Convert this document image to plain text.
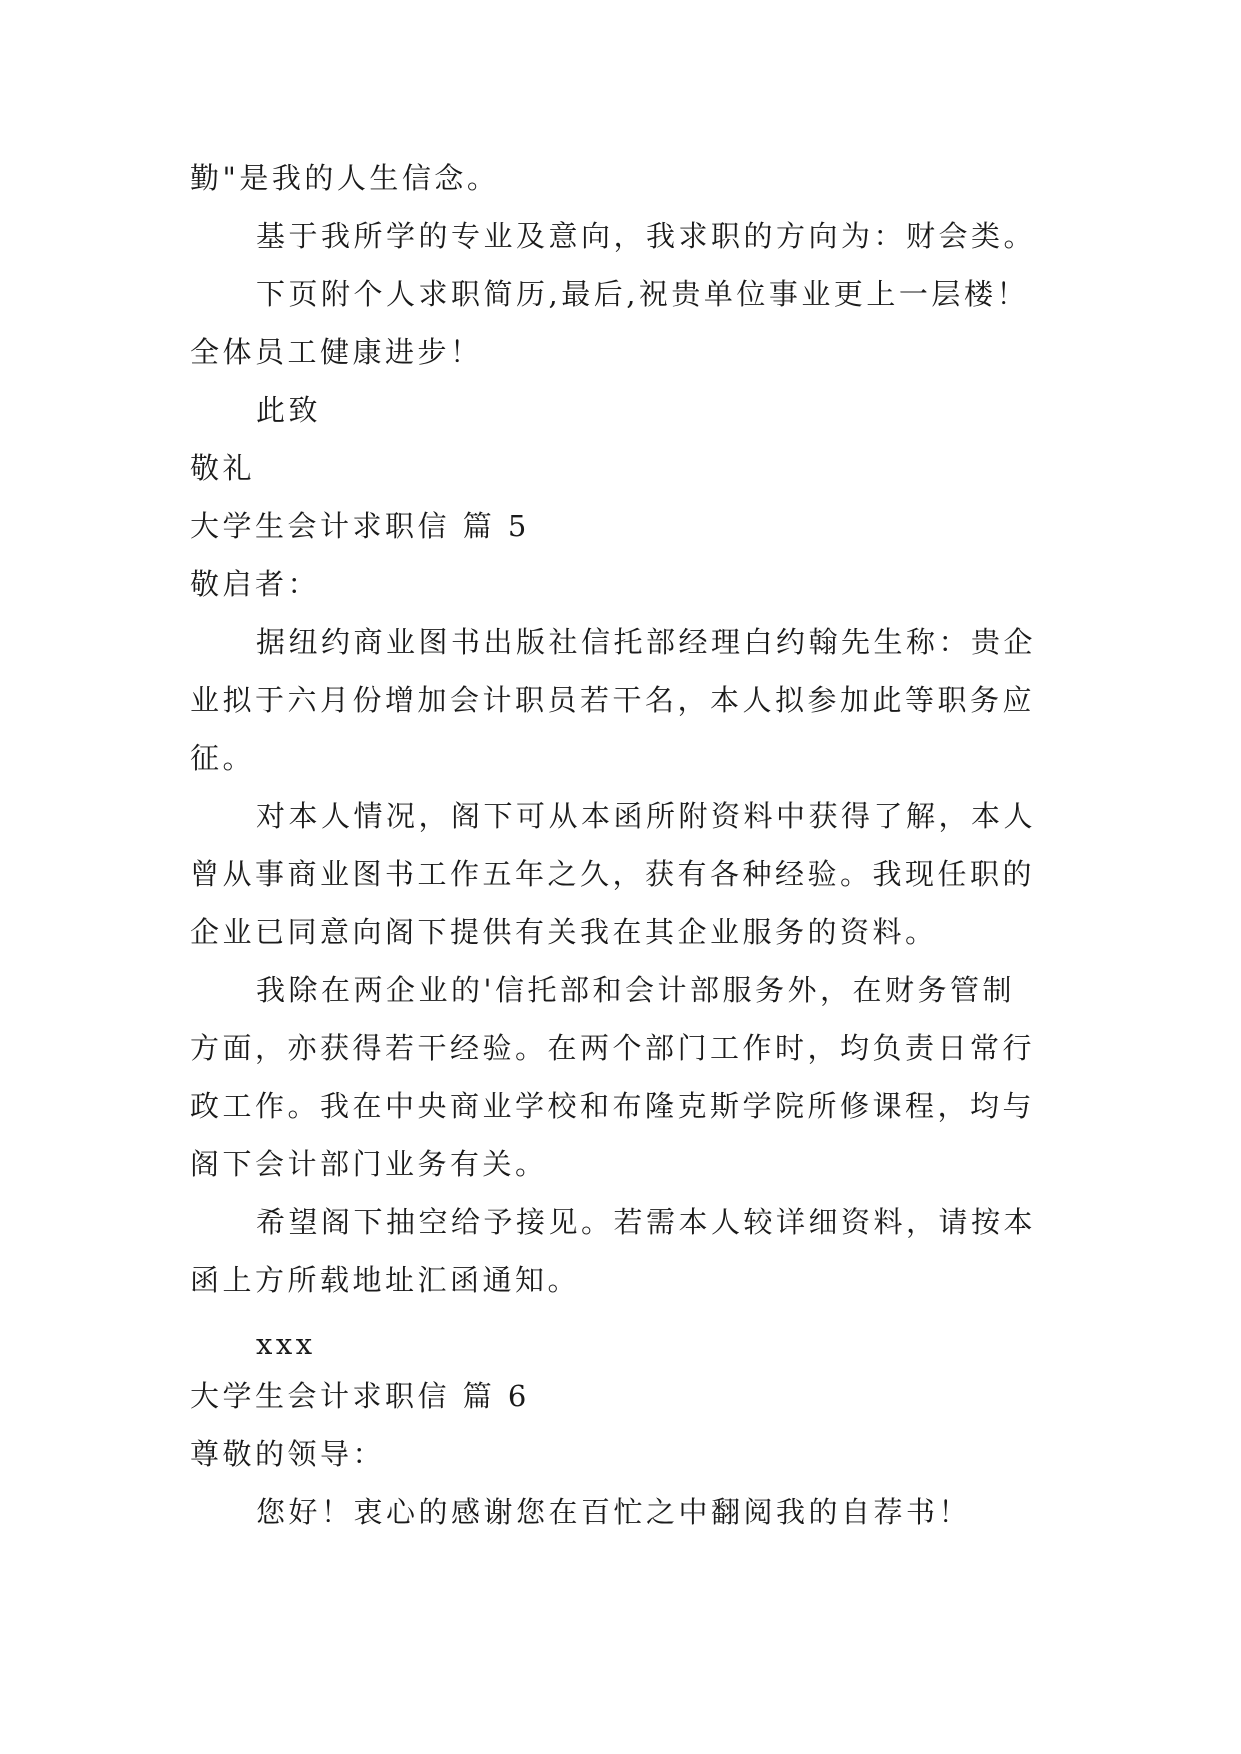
勤"是我的人生信念。
基于我所学的专业及意向，我求职的方向为：财会类。
下页附个人求职简历,最后,祝贵单位事业更上一层楼！
全体员工健康进步！
此致
敬礼
大学生会计求职信 篇 5
敬启者：
据纽约商业图书出版社信托部经理白约翰先生称：贵企
业拟于六月份增加会计职员若干名，本人拟参加此等职务应
征。
对本人情况，阁下可从本函所附资料中获得了解，本人
曾从事商业图书工作五年之久，获有各种经验。我现任职的
企业已同意向阁下提供有关我在其企业服务的资料。
我除在两企业的'信托部和会计部服务外，在财务管制
方面，亦获得若干经验。在两个部门工作时，均负责日常行
政工作。我在中央商业学校和布隆克斯学院所修课程，均与
阁下会计部门业务有关。
希望阁下抽空给予接见。若需本人较详细资料，请按本
函上方所载地址汇函通知。
xxx
大学生会计求职信 篇 6
尊敬的领导：
您好！衷心的感谢您在百忙之中翻阅我的自荐书！
